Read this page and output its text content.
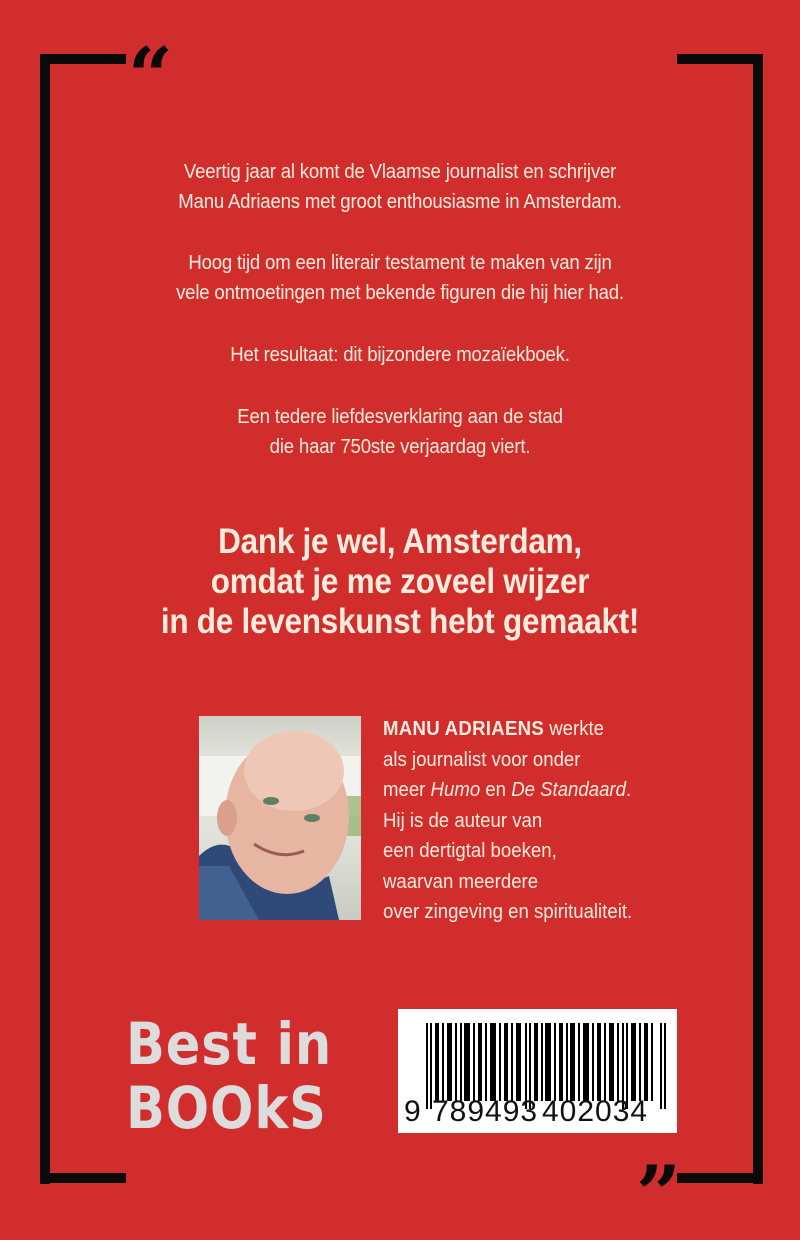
“
”
Veertig jaar al komt de Vlaamse journalist en schrijver
Manu Adriaens met groot enthousiasme in Amsterdam.
Hoog tijd om een literair testament te maken van zijn
vele ontmoetingen met bekende figuren die hij hier had.
Het resultaat: dit bijzondere mozaïekboek.
Een tedere liefdesverklaring aan de stad
die haar 750ste verjaardag viert.
Dank je wel, Amsterdam,
omdat je me zoveel wijzer
in de levenskunst hebt gemaakt!
MANU ADRIAENS werkte
als journalist voor onder
meer Humo en De Standaard.
Hij is de auteur van
een dertigtal boeken,
waarvan meerdere
over zingeving en spiritualiteit.
Best in
BOOkS	9 789493 402034
